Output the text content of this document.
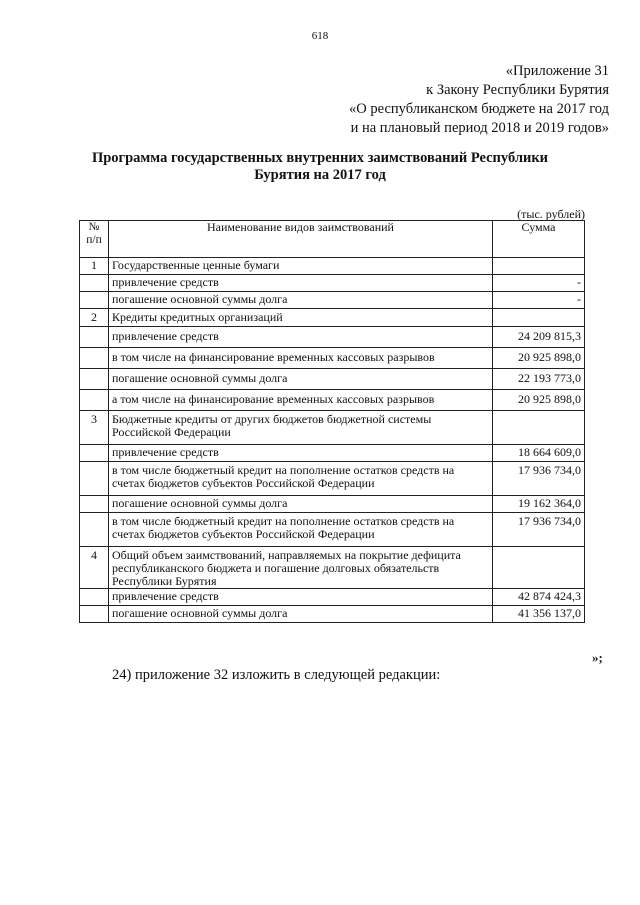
618
«Приложение 31
к Закону Республики Бурятия
«О республиканском бюджете на 2017 год
и на плановый период 2018 и 2019 годов»
Программа государственных внутренних заимствований Республики
Бурятия на 2017 год
(тыс. рублей)
№ п/п	Наименование видов заимствований	Сумма
1	Государственные ценные бумаги	
	привлечение средств	-
	погашение основной суммы долга	-
2	Кредиты кредитных организаций	
	привлечение средств	24 209 815,3
	в том числе на финансирование временных кассовых разрывов	20 925 898,0
	погашение основной суммы долга	22 193 773,0
	а том числе на финансирование временных кассовых разрывов	20 925 898,0
3	Бюджетные кредиты от других бюджетов бюджетной системы Российской Федерации	
	привлечение средств	18 664 609,0
	в том числе бюджетный кредит на пополнение остатков средств на счетах бюджетов субъектов Российской Федерации	17 936 734,0
	погашение основной суммы долга	19 162 364,0
	в том числе бюджетный кредит на пополнение остатков средств на счетах бюджетов субъектов Российской Федерации	17 936 734,0
4	Общий объем заимствований, направляемых на покрытие дефицита республиканского бюджета и погашение долговых обязательств Республики Бурятия	
	привлечение средств	42 874 424,3
	погашение основной суммы долга	41 356 137,0
»;
24) приложение 32 изложить в следующей редакции:
